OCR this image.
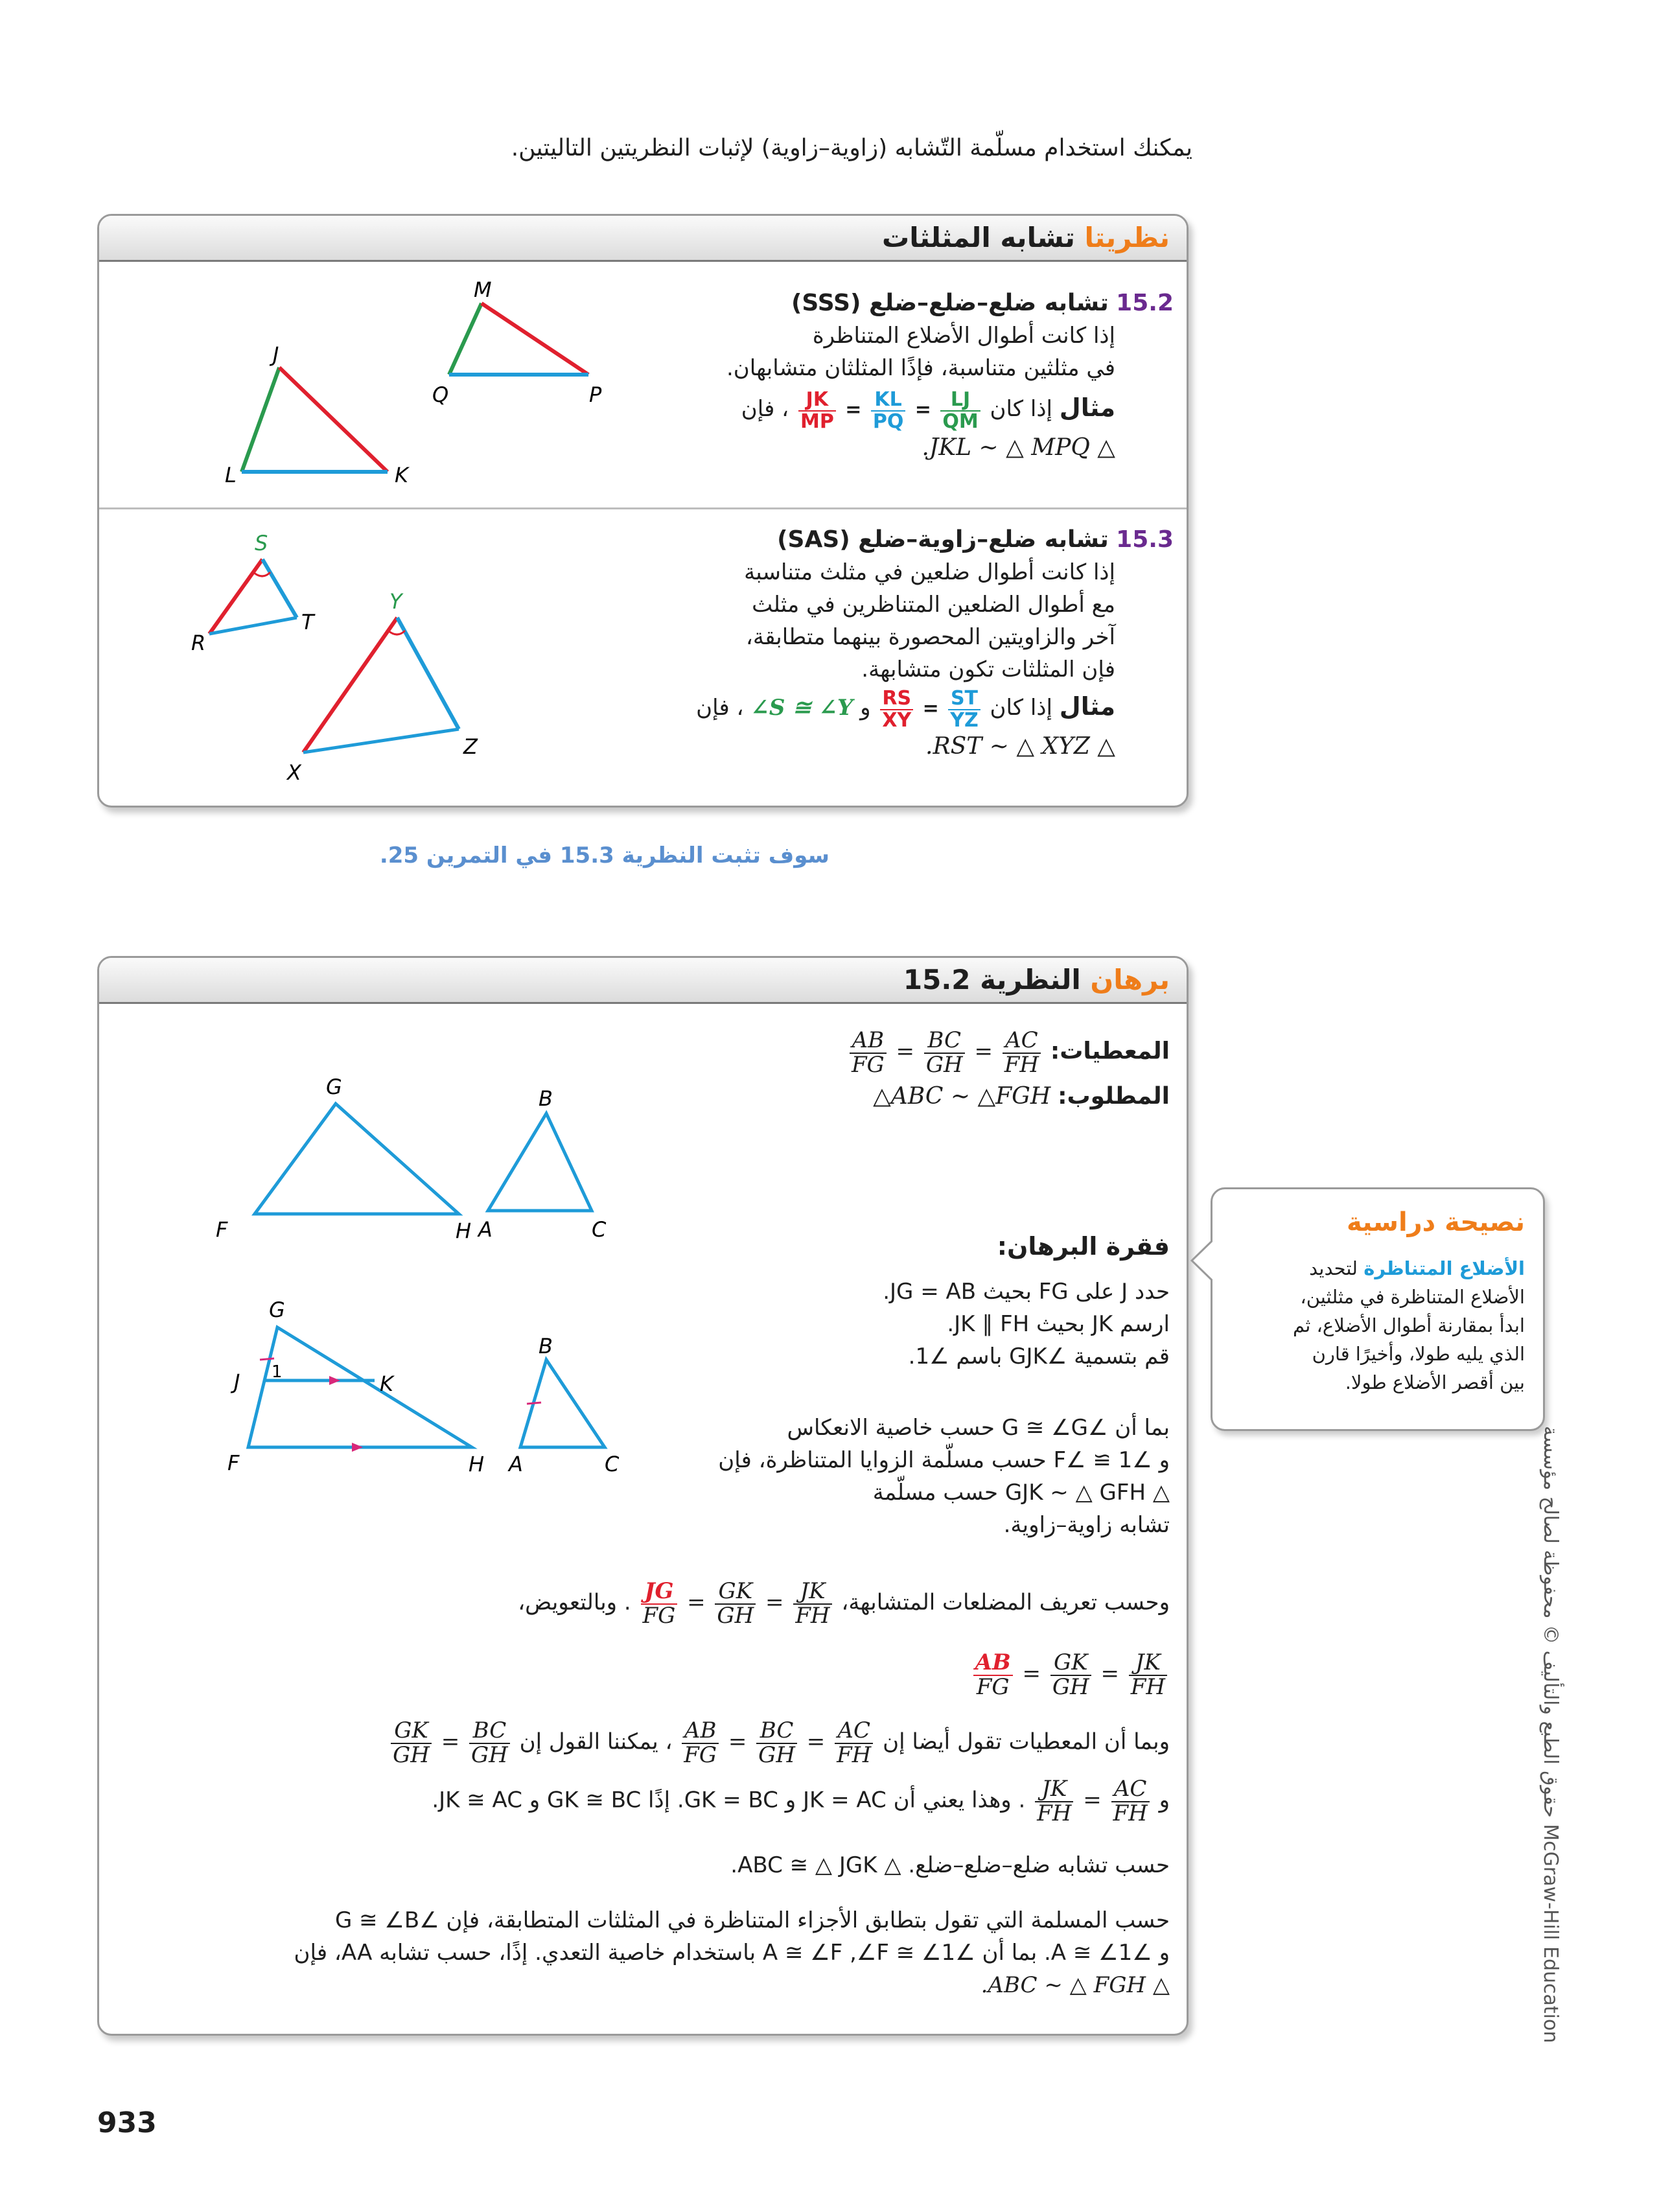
يمكنك استخدام مسلّمة التّشابه (زاوية–زاوية) لإثبات النظريتين التاليتين.
نظريتا تشابه المثلثات
15.2 تشابه ضلع–ضلع–ضلع (SSS)
إذا كانت أطوال الأضلاع المتناظرة
في مثلثين متناسبة، فإذًا المثلثان متشابهان.
مثال إذا كان
$\frac{JK}{MP} = \frac{KL}{PQ} = \frac{LJ}{QM}$
، فإن
△ JKL ∼ △ MPQ.
M
J
Q	P
L	K
15.3 تشابه ضلع–زاوية–ضلع (SAS)
إذا كانت أطوال ضلعين في مثلث متناسبة
مع أطوال الضلعين المتناظرين في مثلث
آخر والزاويتين المحصورة بينهما متطابقة،
فإن المثلثات تكون متشابهة.
مثال إذا كان
$\frac{RS}{XY} = \frac{ST}{YZ}$
و ∠S ≅ ∠Y ، فإن
△ RST ∼ △ XYZ.
S
R
T
Y
X
Z
سوف تثبت النظرية 15.3 في التمرين 25.
برهان النظرية 15.2
المعطيات:
$\frac{AB}{FG} = \frac{BC}{GH} = \frac{AC}{FH}$
المطلوب: △ABC ~ △FGH
G
F	H
B
A	C
G
J 1	K
F	H
B
A	C
فقرة البرهان:
حدد J على FG بحيث JG = AB.
ارسم JK بحيث JK ∥ FH.
قم بتسمية ∠GJK باسم ∠1.
بما أن ∠G ≅ ∠G حسب خاصية الانعكاس
و ∠1 ≅ ∠F حسب مسلّمة الزوايا المتناظرة، فإن
△ GJK ∼ △ GFH حسب مسلّمة
تشابه زاوية–زاوية.
وحسب تعريف المضلعات المتشابهة،
$\frac{JG}{FG} = \frac{GK}{GH} = \frac{JK}{FH}$
. وبالتعويض،
$\frac{AB}{FG} = \frac{GK}{GH} = \frac{JK}{FH}$
وبما أن المعطيات تقول أيضا إن
$\frac{AB}{FG} = \frac{BC}{GH} = \frac{AC}{FH}$
، يمكننا القول إن
$\frac{GK}{GH} = \frac{BC}{GH}$
و
$\frac{JK}{FH} = \frac{AC}{FH}$
. وهذا يعني أن JK = AC و GK = BC. إذًا GK ≅ BC و JK ≅ AC.
حسب تشابه ضلع–ضلع–ضلع. △ ABC ≅ △ JGK.
حسب المسلمة التي تقول بتطابق الأجزاء المتناظرة في المثلثات المتطابقة، فإن ∠G ≅ ∠B
و ∠A ≅ ∠1. بما أن ∠A ≅ ∠F ,∠F ≅ ∠1 باستخدام خاصية التعدي. إذًا، حسب تشابه AA، فإن
△ ABC ∼ △ FGH.
نصيحة دراسية
الأضلاع المتناظرة لتحديد
الأضلاع المتناظرة في مثلثين،
ابدأ بمقارنة أطوال الأضلاع، ثم
الذي يليه طولا، وأخيرًا قارن
بين أقصر الأضلاع طولا.
حقوق الطبع والتأليف © محفوظة لصالح مؤسسة McGraw-Hill Education
933
